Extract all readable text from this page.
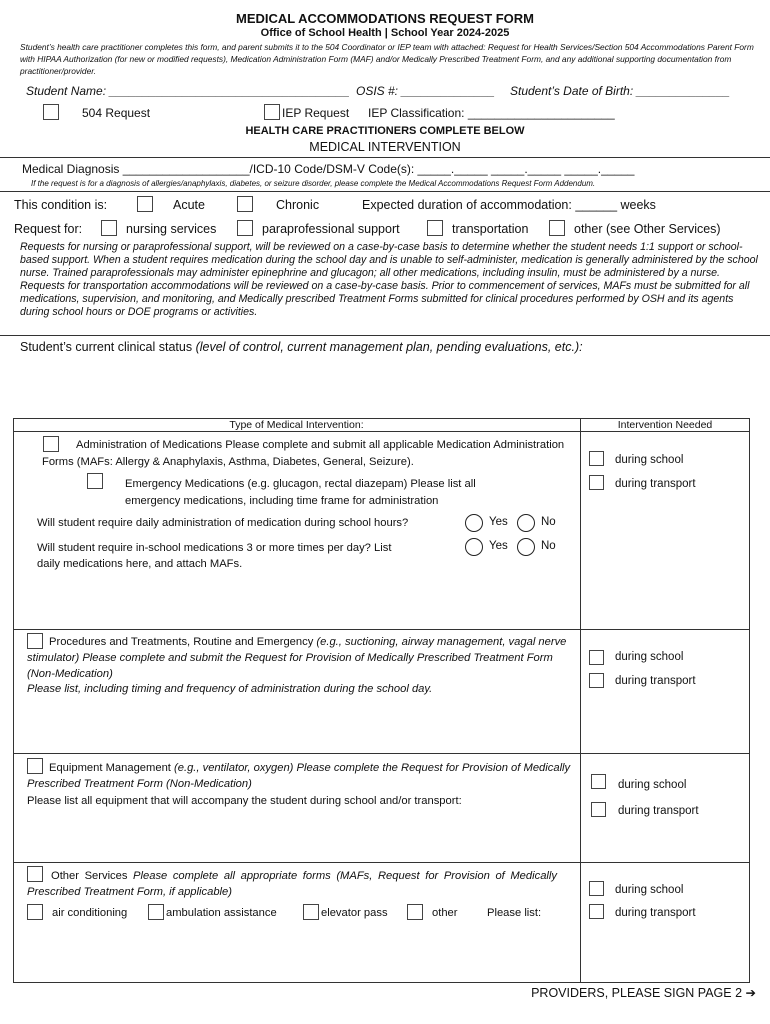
MEDICAL ACCOMMODATIONS REQUEST FORM
Office of School Health | School Year 2024-2025
Student’s health care practitioner completes this form, and parent submits it to the 504 Coordinator or IEP team with attached: Request for Health Services/Section 504 Accommodations Parent Form with HIPAA Authorization (for new or modified requests), Medication Administration Form (MAF) and/or Medically Prescribed Treatment Form, and any additional supporting documentation from practitioner/provider.
Student Name: ____________________________________ OSIS #: ______________ Student’s Date of Birth: ______________
504 Request	IEP Request IEP Classification: ______________________
HEALTH CARE PRACTITIONERS COMPLETE BELOW
MEDICAL INTERVENTION
Medical Diagnosis ___________________/ICD-10 Code/DSM-V Code(s): _____._____ _____._____ _____._____
If the request is for a diagnosis of allergies/anaphylaxis, diabetes, or seizure disorder, please complete the Medical Accommodations Request Form Addendum.
This condition is:	Acute	Chronic	Expected duration of accommodation: ______ weeks
Request for:	nursing services	paraprofessional support	transportation	other (see Other Services)
Requests for nursing or paraprofessional support, will be reviewed on a case-by-case basis to determine whether the student needs 1:1 support or school-based support. When a student requires medication during the school day and is unable to self-administer, medication is generally administered by the school nurse. Trained paraprofessionals may administer epinephrine and glucagon; all other medications, including insulin, must be administered by a nurse. Requests for transportation accommodations will be reviewed on a case-by-case basis. Prior to commencement of services, MAFs must be submitted for all medications, supervision, and monitoring, and Medically prescribed Treatment Forms submitted for clinical procedures performed by OSH and its agents during school hours or DOE programs or activities.
Student’s current clinical status (level of control, current management plan, pending evaluations, etc.):
Type of Medical Intervention:	Intervention Needed
Administration of Medications Please complete and submit all applicable Medication Administration Forms (MAFs: Allergy & Anaphylaxis, Asthma, Diabetes, General, Seizure).
Emergency Medications (e.g. glucagon, rectal diazepam) Please list all emergency medications, including time frame for administration
Will student require daily administration of medication during school hours?	Yes	No
Will student require in-school medications 3 or more times per day? List daily medications here, and attach MAFs.
Yes	No
during school
during transport
Procedures and Treatments, Routine and Emergency (e.g., suctioning, airway management, vagal nerve stimulator) Please complete and submit the Request for Provision of Medically Prescribed Treatment Form (Non-Medication)
Please list, including timing and frequency of administration during the school day.
during school
during transport
Equipment Management (e.g., ventilator, oxygen) Please complete the Request for Provision of Medically Prescribed Treatment Form (Non-Medication)
Please list all equipment that will accompany the student during school and/or transport:
during school
during transport
Other Services Please complete all appropriate forms (MAFs, Request for Provision of Medically Prescribed Treatment Form, if applicable)
air conditioning	ambulation assistance	elevator pass	other	Please list:
during school
during transport
PROVIDERS, PLEASE SIGN PAGE 2 ➔
